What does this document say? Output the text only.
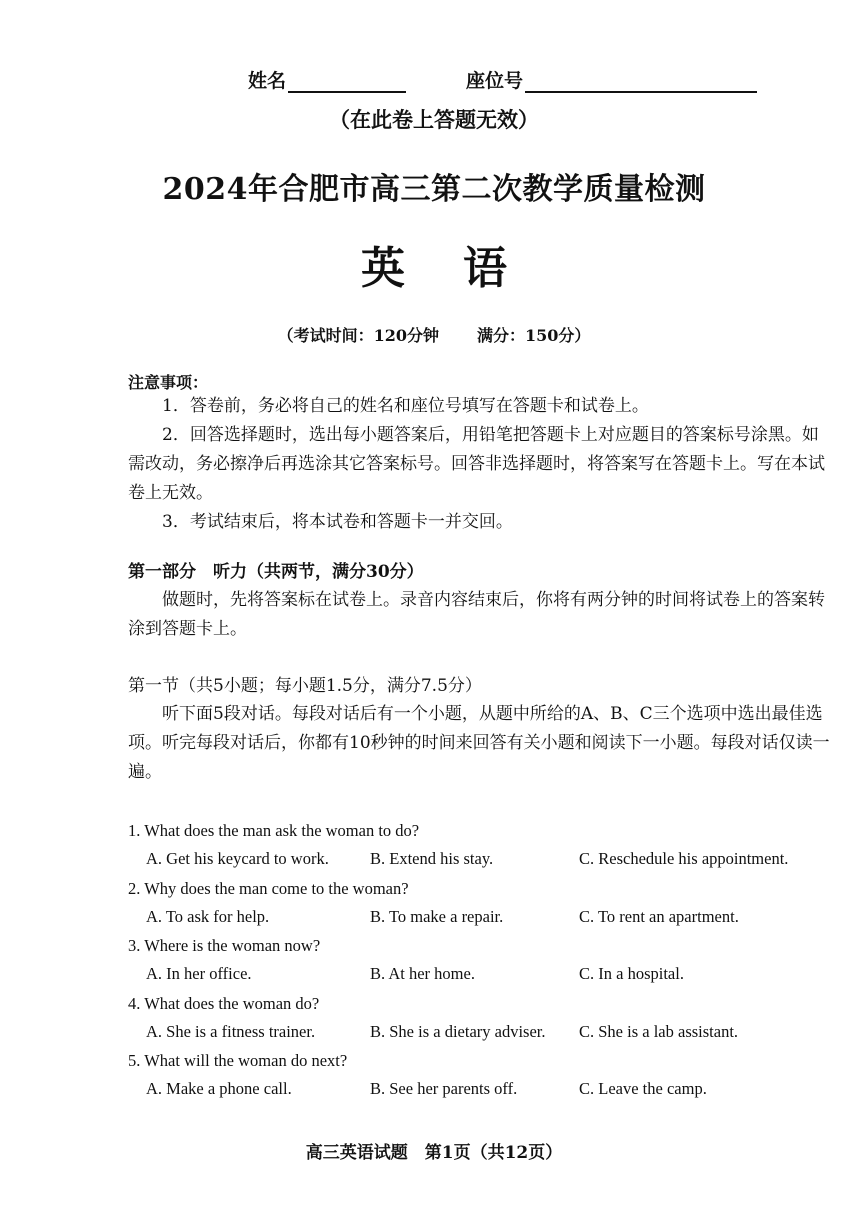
姓名	座位号
（在此卷上答题无效）
2024年合肥市高三第二次教学质量检测
英语
（考试时间：120分钟 满分：150分）
注意事项：

1．答卷前，务必将自己的姓名和座位号填写在答题卡和试卷上。

2．回答选择题时，选出每小题答案后，用铅笔把答题卡上对应题目的答案标号涂黑。如需改动，务必擦净后再选涂其它答案标号。回答非选择题时，将答案写在答题卡上。写在本试卷上无效。

3．考试结束后，将本试卷和答题卡一并交回。

第一部分　听力（共两节，满分30分）

做题时，先将答案标在试卷上。录音内容结束后，你将有两分钟的时间将试卷上的答案转涂到答题卡上。

第一节（共5小题；每小题1.5分，满分7.5分）

听下面5段对话。每段对话后有一个小题，从题中所给的A、B、C三个选项中选出最佳选项。听完每段对话后，你都有10秒钟的时间来回答有关小题和阅读下一小题。每段对话仅读一遍。

1. What does the man ask the woman to do?
A. Get his keycard to work.	B. Extend his stay.	C. Reschedule his appointment.
2. Why does the man come to the woman?
A. To ask for help.	B. To make a repair.	C. To rent an apartment.
3. Where is the woman now?
A. In her office.	B. At her home.	C. In a hospital.
4. What does the woman do?
A. She is a fitness trainer.	B. She is a dietary adviser.	C. She is a lab assistant.
5. What will the woman do next?
A. Make a phone call.	B. See her parents off.	C. Leave the camp.
高三英语试题　第1页（共12页）
